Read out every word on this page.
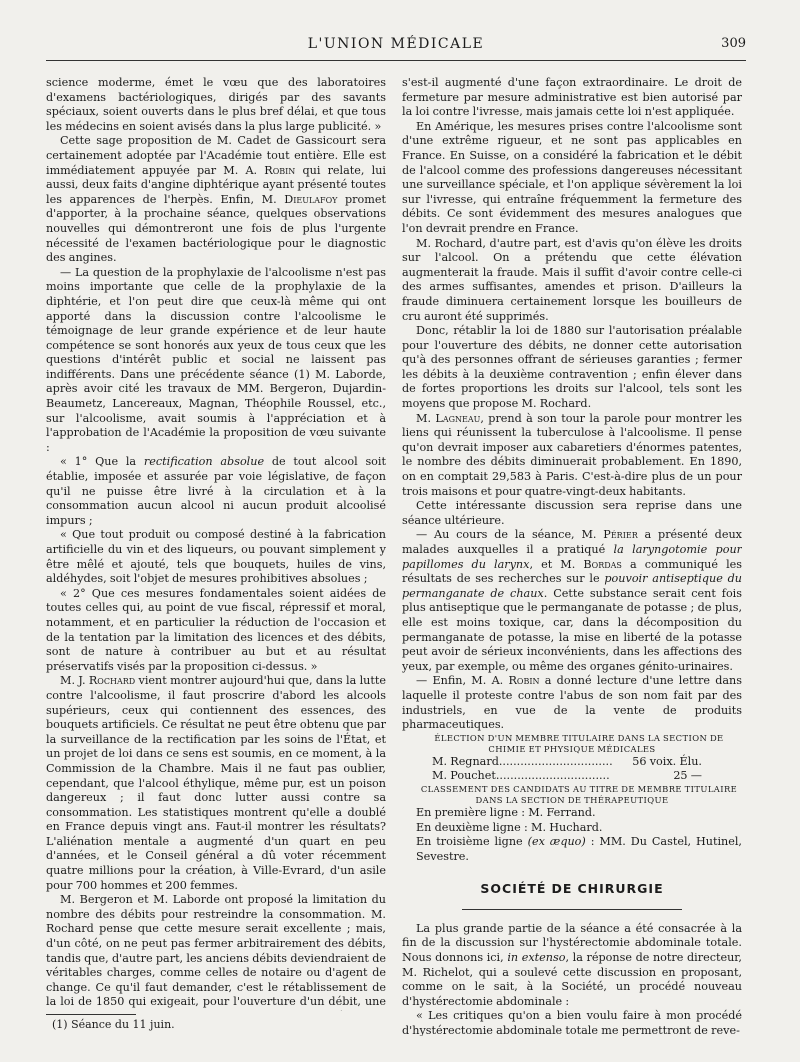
L'UNION MÉDICALE	309

science moderme, émet le vœu que des laboratoires d'examens bactériologiques, dirigés par des savants spéciaux, soient ouverts dans le plus bref délai, et que tous les médecins en soient avisés dans la plus large publicité. »

Cette sage proposition de M. Cadet de Gassicourt sera certainement adoptée par l'Académie tout entière. Elle est immédiatement appuyée par M. A. Robin qui relate, lui aussi, deux faits d'angine diphtérique ayant présenté toutes les apparences de l'herpès. Enfin, M. Dieulafoy promet d'apporter, à la prochaine séance, quelques observations nouvelles qui démontreront une fois de plus l'urgente nécessité de l'examen bactériologique pour le diagnostic des angines.

— La question de la prophylaxie de l'alcoolisme n'est pas moins importante que celle de la prophylaxie de la diphtérie, et l'on peut dire que ceux-là même qui ont apporté dans la discussion contre l'alcoolisme le témoignage de leur grande expérience et de leur haute compétence se sont honorés aux yeux de tous ceux que les questions d'intérêt public et social ne laissent pas indifférents. Dans une précédente séance (1) M. Laborde, après avoir cité les travaux de MM. Bergeron, Dujardin-Beaumetz, Lancereaux, Magnan, Théophile Roussel, etc., sur l'alcoolisme, avait soumis à l'appréciation et à l'approbation de l'Académie la proposition de vœu suivante :

« 1° Que la rectification absolue de tout alcool soit établie, imposée et assurée par voie législative, de façon qu'il ne puisse être livré à la circulation et à la consommation aucun alcool ni aucun produit alcoolisé impurs ;

« Que tout produit ou composé destiné à la fabrication artificielle du vin et des liqueurs, ou pouvant simplement y être mêlé et ajouté, tels que bouquets, huiles de vins, aldéhydes, soit l'objet de mesures prohibitives absolues ;

« 2° Que ces mesures fondamentales soient aidées de toutes celles qui, au point de vue fiscal, répressif et moral, notamment, et en particulier la réduction de l'occasion et de la tentation par la limitation des licences et des débits, sont de nature à contribuer au but et au résultat préservatifs visés par la proposition ci-dessus. »

M. J. Rochard vient montrer aujourd'hui que, dans la lutte contre l'alcoolisme, il faut proscrire d'abord les alcools supérieurs, ceux qui contiennent des essences, des bouquets artificiels. Ce résultat ne peut être obtenu que par la surveillance de la rectification par les soins de l'État, et un projet de loi dans ce sens est soumis, en ce moment, à la Commission de la Chambre. Mais il ne faut pas oublier, cependant, que l'alcool éthylique, même pur, est un poison dangereux ; il faut donc lutter aussi contre sa consommation. Les statistiques montrent qu'elle a doublé en France depuis vingt ans. Faut-il montrer les résultats? L'aliénation mentale a augmenté d'un quart en peu d'années, et le Conseil général a dû voter récemment quatre millions pour la création, à Ville-Evrard, d'un asile pour 700 hommes et 200 femmes.

M. Bergeron et M. Laborde ont proposé la limitation du nombre des débits pour restreindre la consommation. M. Rochard pense que cette mesure serait excellente ; mais, d'un côté, on ne peut pas fermer arbitrairement des débits, tandis que, d'autre part, les anciens débits deviendraient de véritables charges, comme celles de notaire ou d'agent de change. Ce qu'il faut demander, c'est le rétablissement de la loi de 1850 qui exigeait, pour l'ouverture d'un débit, une

s'est-il augmenté d'une façon extraordinaire. Le droit de fermeture par mesure administrative est bien autorisé par la loi contre l'ivresse, mais jamais cette loi n'est appliquée.

En Amérique, les mesures prises contre l'alcoolisme sont d'une extrême rigueur, et ne sont pas applicables en France. En Suisse, on a considéré la fabrication et le débit de l'alcool comme des professions dangereuses nécessitant une surveillance spéciale, et l'on applique sévèrement la loi sur l'ivresse, qui entraîne fréquemment la fermeture des débits. Ce sont évidemment des mesures analogues que l'on devrait prendre en France.

M. Rochard, d'autre part, est d'avis qu'on élève les droits sur l'alcool. On a prétendu que cette élévation augmenterait la fraude. Mais il suffit d'avoir contre celle-ci des armes suffisantes, amendes et prison. D'ailleurs la fraude diminuera certainement lorsque les bouilleurs de cru auront été supprimés.

Donc, rétablir la loi de 1880 sur l'autorisation préalable pour l'ouverture des débits, ne donner cette autorisation qu'à des personnes offrant de sérieuses garanties ; fermer les débits à la deuxième contravention ; enfin élever dans de fortes proportions les droits sur l'alcool, tels sont les moyens que propose M. Rochard.

M. Lagneau, prend à son tour la parole pour montrer les liens qui réunissent la tuberculose à l'alcoolisme. Il pense qu'on devrait imposer aux cabaretiers d'énormes patentes, le nombre des débits diminuerait probablement. En 1890, on en comptait 29,583 à Paris. C'est-à-dire plus de un pour trois maisons et pour quatre-vingt-deux habitants.

Cette intéressante discussion sera reprise dans une séance ultérieure.

— Au cours de la séance, M. Périer a présenté deux malades auxquelles il a pratiqué la laryngotomie pour papillomes du larynx, et M. Bordas a communiqué les résultats de ses recherches sur le pouvoir antiseptique du permanganate de chaux. Cette substance serait cent fois plus antiseptique que le permanganate de potasse ; de plus, elle est moins toxique, car, dans la décomposition du permanganate de potasse, la mise en liberté de la potasse peut avoir de sérieux inconvénients, dans les affections des yeux, par exemple, ou même des organes génito-urinaires.

— Enfin, M. A. Robin a donné lecture d'une lettre dans laquelle il proteste contre l'abus de son nom fait par des industriels, en vue de la vente de produits pharmaceutiques.

ÉLECTION D'UN MEMBRE TITULAIRE DANS LA SECTION DE CHIMIE ET PHYSIQUE MÉDICALES

M. Regnard ................................	56 voix. Élu.
M. Pouchet ................................	25 —

CLASSEMENT DES CANDIDATS AU TITRE DE MEMBRE TITULAIRE DANS LA SECTION DE THÉRAPEUTIQUE

En première ligne : M. Ferrand.

En deuxième ligne : M. Huchard.

En troisième ligne (ex æquo) : MM. Du Castel, Hutinel, Sevestre.

SOCIÉTÉ DE CHIRURGIE

La plus grande partie de la séance a été consacrée à la fin de la discussion sur l'hystérectomie abdominale totale. Nous donnons ici, in extenso, la réponse de notre directeur, M. Richelot, qui a soulevé cette discussion en proposant, comme on le sait, à la Société, un procédé nouveau d'hystérectomie abdominale :

« Les critiques qu'on a bien voulu faire à mon procédé d'hystérectomie abdominale totale me permettront de reve-

(1) Séance du 11 juin.
